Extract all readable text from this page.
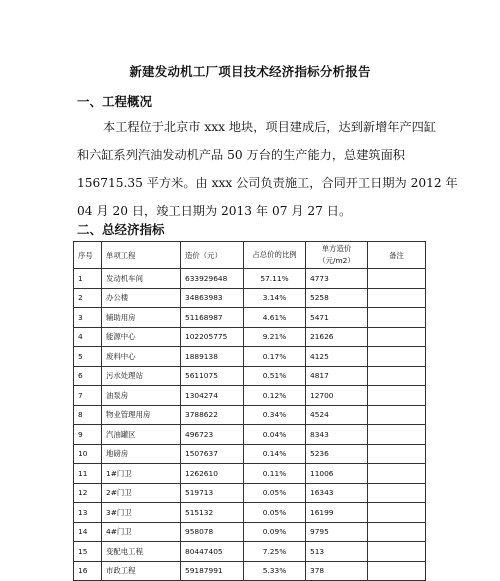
新建发动机工厂项目技术经济指标分析报告
一、工程概况
本工程位于北京市 xxx 地块，项目建成后，达到新增年产四缸
和六缸系列汽油发动机产品 50 万台的生产能力，总建筑面积
156715.35 平方米。由 xxx 公司负责施工，合同开工日期为 2012 年
04 月 20 日，竣工日期为 2013 年 07 月 27 日。
二、总经济指标
序号	单项工程	造价（元）	占总价的比例	单方造价（元/m2）	备注
1	发动机车间	633929648	57.11%	4773	
2	办公楼	34863983	3.14%	5258	
3	辅助用房	51168987	4.61%	5471	
4	能源中心	102205775	9.21%	21626	
5	废料中心	1889138	0.17%	4125	
6	污水处理站	5611075	0.51%	4817	
7	油泵房	1304274	0.12%	12700	
8	物业管理用房	3788622	0.34%	4524	
9	汽油罐区	496723	0.04%	8343	
10	地磅房	1507637	0.14%	5236	
11	1#门卫	1262610	0.11%	11006	
12	2#门卫	519713	0.05%	16343	
13	3#门卫	515132	0.05%	16199	
14	4#门卫	958078	0.09%	9795	
15	变配电工程	80447405	7.25%	513	
16	市政工程	59187991	5.33%	378	
